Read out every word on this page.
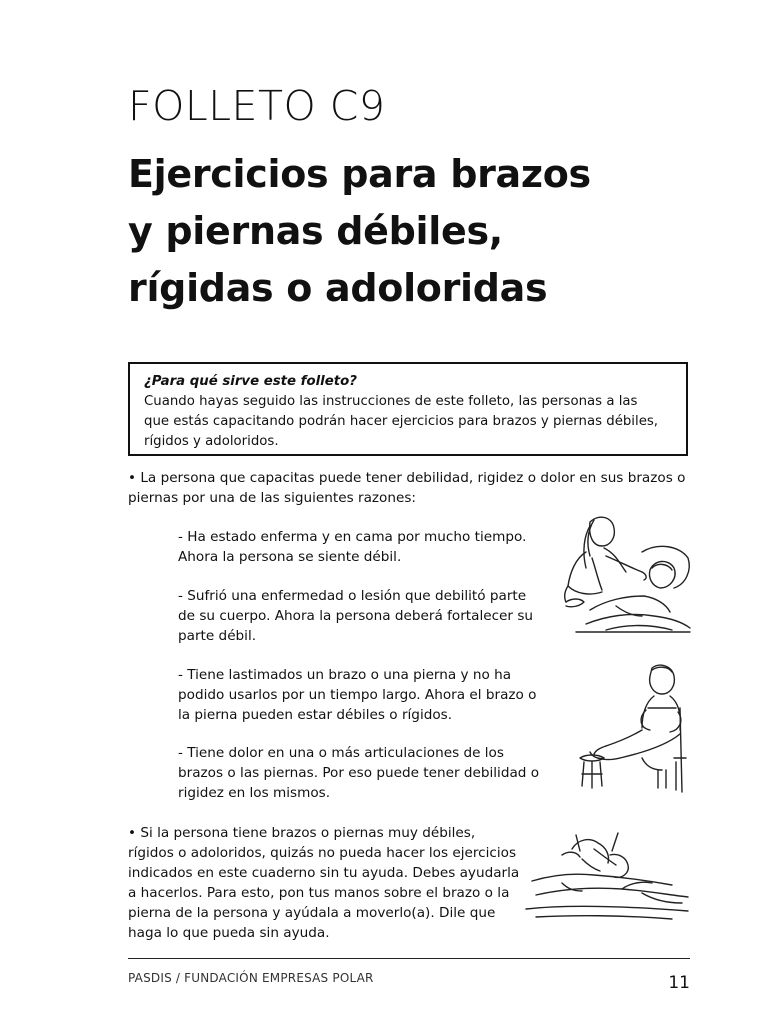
FOLLETO C9
Ejercicios para brazos
y piernas débiles,
rígidas o adoloridas
¿Para qué sirve este folleto?
Cuando hayas seguido las instrucciones de este folleto, las personas a las
que estás capacitando podrán hacer ejercicios para brazos y piernas débiles,
rígidos y adoloridos.
• La persona que capacitas puede tener debilidad, rigidez o dolor en sus brazos o
piernas por una de las siguientes razones:
- Ha estado enferma y en cama por mucho tiempo.
Ahora la persona se siente débil.
- Sufrió una enfermedad o lesión que debilitó parte
de su cuerpo. Ahora la persona deberá fortalecer su
parte débil.
- Tiene lastimados un brazo o una pierna y no ha
podido usarlos por un tiempo largo. Ahora el brazo o
la pierna pueden estar débiles o rígidos.
- Tiene dolor en una o más articulaciones de los
brazos o las piernas. Por eso puede tener debilidad o
rigidez en los mismos.
• Si la persona tiene brazos o piernas muy débiles,
rígidos o adoloridos, quizás no pueda hacer los ejercicios
indicados en este cuaderno sin tu ayuda. Debes ayudarla
a hacerlos. Para esto, pon tus manos sobre el brazo o la
pierna de la persona y ayúdala a moverlo(a). Dile que
haga lo que pueda sin ayuda.
PASDIS / FUNDACIÓN EMPRESAS POLAR	11
